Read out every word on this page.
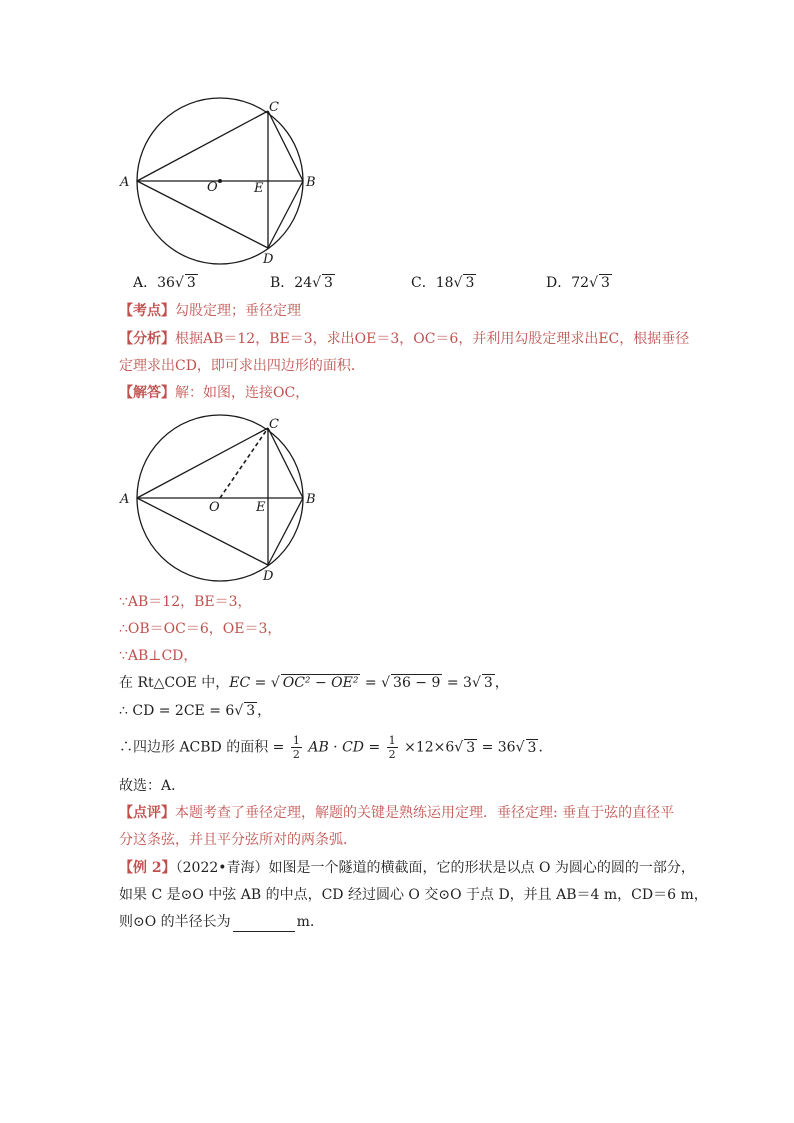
C
A	O	E	B
D
A．36√ 3	B．24√ 3	C．18√ 3	D．72√ 3
【考点】勾股定理；垂径定理
【分析】根据AB＝12，BE＝3，求出OE＝3，OC＝6，并利用勾股定理求出EC，根据垂径
定理求出CD，即可求出四边形的面积．
【解答】解：如图，连接OC，
C
A
O	E
B
D
∵AB＝12，BE＝3，
∴OB＝OC＝6，OE＝3，
∵AB⊥CD，
在 Rt△COE 中，EC = √ OC² − OE² = √ 36 − 9 = 3√ 3 ，
∴ CD = 2CE = 6√ 3 ，
∴四边形 ACBD 的面积 = $\frac{1}{2}$ AB · CD = $\frac{1}{2} \times 12\times 6√$ 3 = 36√ 3 ．
故选：A．
【点评】本题考查了垂径定理，解题的关键是熟练运用定理．垂径定理: 垂直于弦的直径平
分这条弦，并且平分弦所对的两条弧．
【例 2】（2022•青海）如图是一个隧道的横截面，它的形状是以点 O 为圆心的圆的一部分，
如果 C 是⊙O 中弦 AB 的中点，CD 经过圆心 O 交⊙O 于点 D，并且 AB＝4 m，CD＝6 m，
则⊙O 的半径长为	m．
